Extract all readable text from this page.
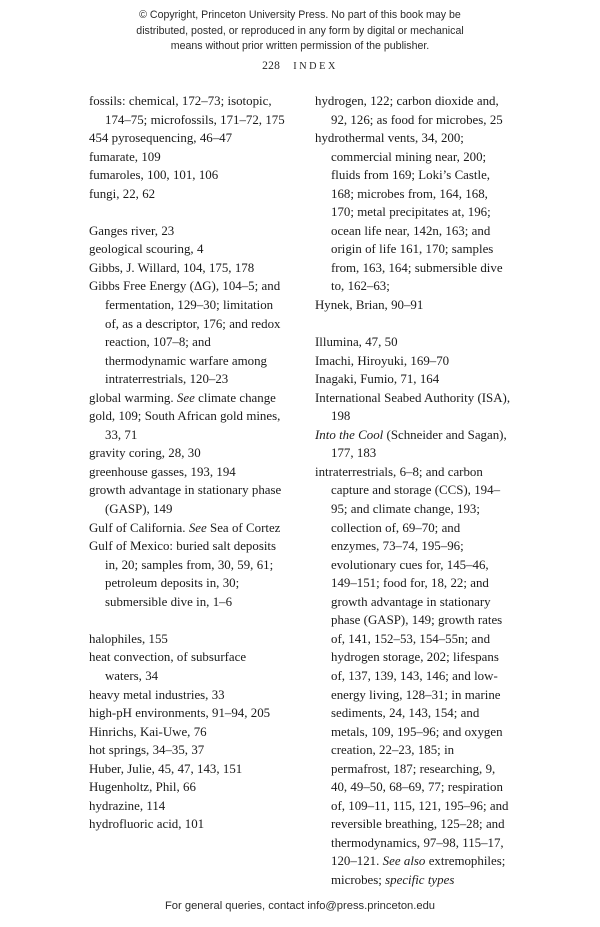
© Copyright, Princeton University Press. No part of this book may be
distributed, posted, or reproduced in any form by digital or mechanical
means without prior written permission of the publisher.
228 INDEX

fossils: chemical, 172–73; isotopic, 174–75; microfossils, 171–72, 175

454 pyrosequencing, 46–47

fumarate, 109

fumaroles, 100, 101, 106

fungi, 22, 62

Ganges river, 23

geological scouring, 4

Gibbs, J. Willard, 104, 175, 178

Gibbs Free Energy (ΔG), 104–5; and fermentation, 129–30; limitation of, as a descriptor, 176; and redox reaction, 107–8; and thermodynamic warfare among intraterrestrials, 120–23

global warming. See climate change

gold, 109; South African gold mines, 33, 71

gravity coring, 28, 30

greenhouse gasses, 193, 194

growth advantage in stationary phase (GASP), 149

Gulf of California. See Sea of Cortez

Gulf of Mexico: buried salt deposits in, 20; samples from, 30, 59, 61; petroleum deposits in, 30; submersible dive in, 1–6

halophiles, 155

heat convection, of subsurface waters, 34

heavy metal industries, 33

high-pH environments, 91–94, 205

Hinrichs, Kai-Uwe, 76

hot springs, 34–35, 37

Huber, Julie, 45, 47, 143, 151

Hugenholtz, Phil, 66

hydrazine, 114

hydrofluoric acid, 101

hydrogen, 122; carbon dioxide and, 92, 126; as food for microbes, 25

hydrothermal vents, 34, 200; commercial mining near, 200; fluids from 169; Loki’s Castle, 168; microbes from, 164, 168, 170; metal precipitates at, 196; ocean life near, 142n, 163; and origin of life 161, 170; samples from, 163, 164; submersible dive to, 162–63;

Hynek, Brian, 90–91

Illumina, 47, 50

Imachi, Hiroyuki, 169–70

Inagaki, Fumio, 71, 164

International Seabed Authority (ISA), 198

Into the Cool (Schneider and Sagan), 177, 183

intraterrestrials, 6–8; and carbon capture and storage (CCS), 194–95; and climate change, 193; collection of, 69–70; and enzymes, 73–74, 195–96; evolutionary cues for, 145–46, 149–151; food for, 18, 22; and growth advantage in stationary phase (GASP), 149; growth rates of, 141, 152–53, 154–55n; and hydrogen storage, 202; lifespans of, 137, 139, 143, 146; and low-energy living, 128–31; in marine sediments, 24, 143, 154; and metals, 109, 195–96; and oxygen creation, 22–23, 185; in permafrost, 187; researching, 9, 40, 49–50, 68–69, 77; respiration of, 109–11, 115, 121, 195–96; and reversible breathing, 125–28; and thermodynamics, 97–98, 115–17, 120–121. See also extremophiles; microbes; specific types

For general queries, contact info@press.princeton.edu
